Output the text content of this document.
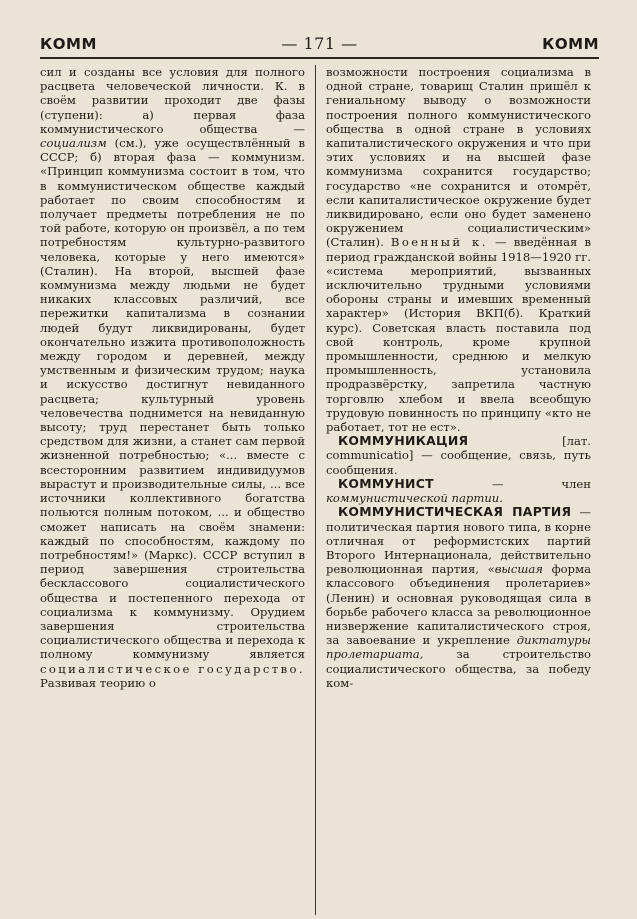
КОММ	— 171 —	КОММ

сил и созданы все условия для полного расцвета человеческой личности. К. в своём развитии проходит две фазы (ступени): а) первая фаза коммунистического общества — социализм (см.), уже осуществлённый в СССР; б) вторая фаза — коммунизм. «Принцип коммунизма состоит в том, что в коммунистическом обществе каждый работает по своим способностям и получает предметы потребления не по той работе, которую он произвёл, а по тем потребностям культурно-развитого человека, которые у него имеются» (Сталин). На второй, высшей фазе коммунизма между людьми не будет никаких классовых различий, все пережитки капитализма в сознании людей будут ликвидированы, будет окончательно изжита противоположность между городом и деревней, между умственным и физическим трудом; наука и искусство достигнут невиданного расцвета; культурный уровень человечества поднимется на невиданную высоту; труд перестанет быть только средством для жизни, а станет сам первой жизненной потребностью; «... вместе с всесторонним развитием индивидуумов вырастут и производительные силы, ... все источники коллективного богатства польются полным потоком, ... и общество сможет написать на своём знамени: каждый по способностям, каждому по потребностям!» (Маркс). СССР вступил в период завершения строительства бесклассового социалистического общества и постепенного перехода от социализма к коммунизму. Орудием завершения строительства социалистического общества и перехода к полному коммунизму является социалистическое государство. Развивая теорию о

возможности построения социализма в одной стране, товарищ Сталин пришёл к гениальному выводу о возможности построения полного коммунистического общества в одной стране в условиях капиталистического окружения и что при этих условиях и на высшей фазе коммунизма сохранится государство; государство «не сохранится и отомрёт, если капиталистическое окружение будет ликвидировано, если оно будет заменено окружением социалистическим» (Сталин). Военный к. — введённая в период гражданской войны 1918—1920 гг. «система мероприятий, вызванных исключительно трудными условиями обороны страны и имевших временный характер» (История ВКП(б). Краткий курс). Советская власть поставила под свой контроль, кроме крупной промышленности, среднюю и мелкую промышленность, установила продразвёрстку, запретила частную торговлю хлебом и ввела всеобщую трудовую повинность по принципу «кто не работает, тот не ест».

КОММУНИКАЦИЯ [лат. communicatio] — сообщение, связь, путь сообщения.

КОММУНИСТ — член коммунистической партии.

КОММУНИСТИЧЕСКАЯ ПАРТИЯ — политическая партия нового типа, в корне отличная от реформистских партий Второго Интернационала, действительно революционная партия, «высшая форма классового объединения пролетариев» (Ленин) и основная руководящая сила в борьбе рабочего класса за революционное низвержение капиталистического строя, за завоевание и укрепление диктатуры пролетариата, за строительство социалистического общества, за победу ком-
